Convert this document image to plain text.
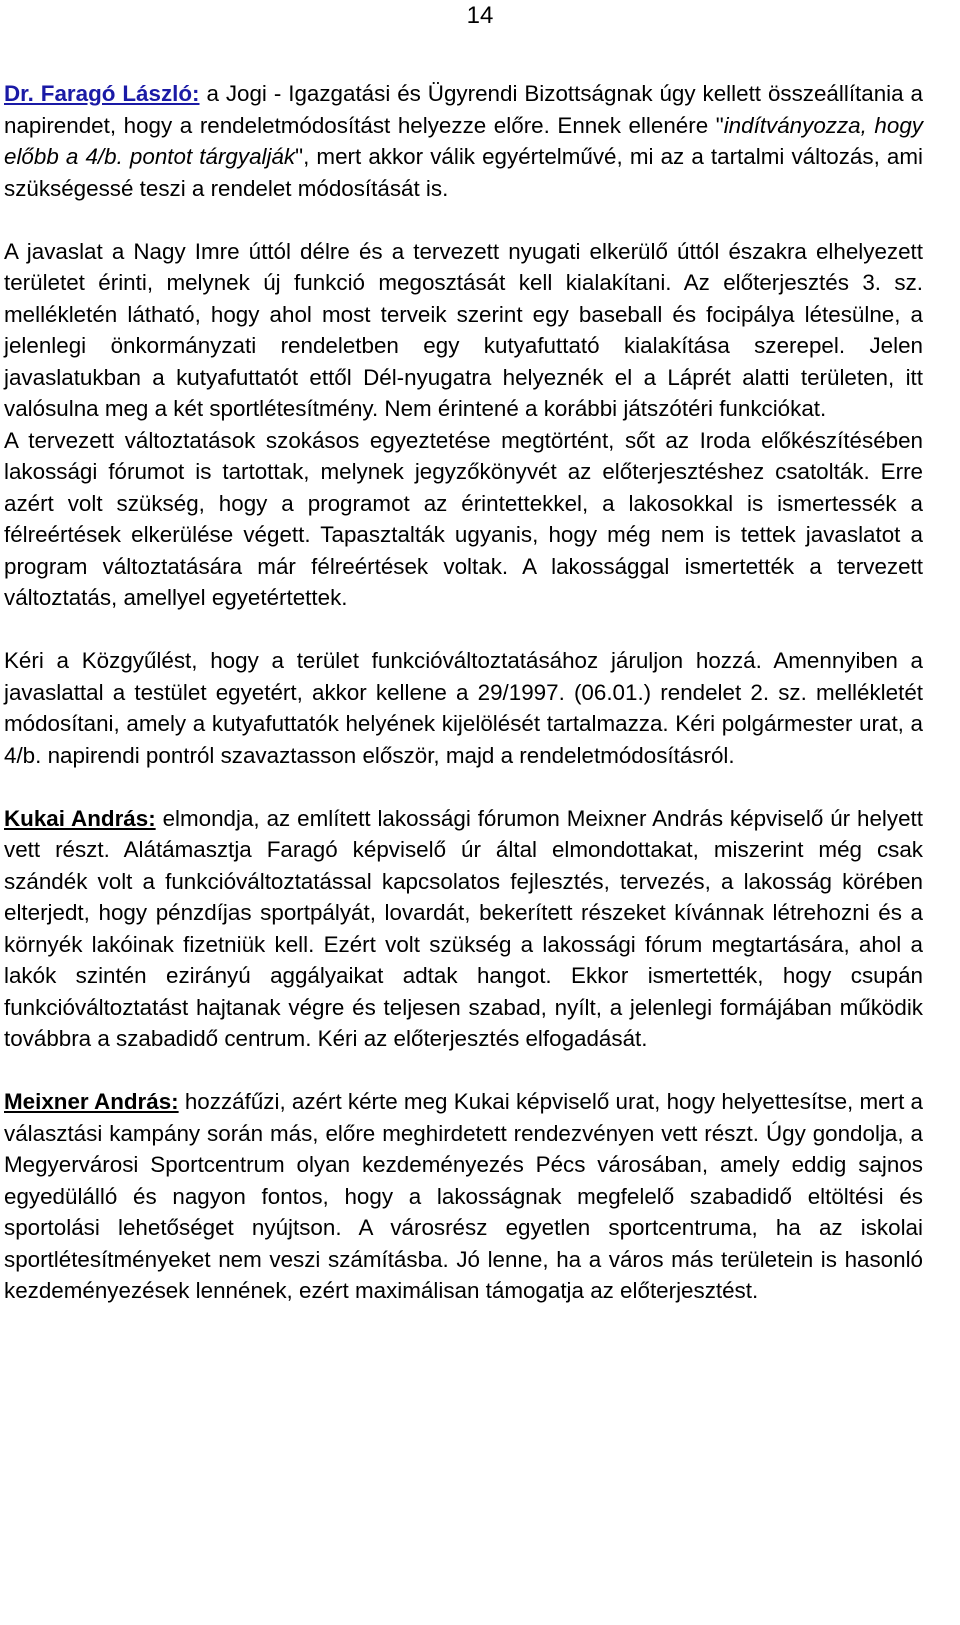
14

Dr. Faragó László: a Jogi - Igazgatási és Ügyrendi Bizottságnak úgy kellett összeállítania a napirendet, hogy a rendeletmódosítást helyezze előre. Ennek ellenére "indítványozza, hogy előbb a 4/b. pontot tárgyalják", mert akkor válik egyértelművé, mi az a tartalmi változás, ami szükségessé teszi a rendelet módosítását is.

A javaslat a Nagy Imre úttól délre és a tervezett nyugati elkerülő úttól északra elhelyezett területet érinti, melynek új funkció megosztását kell kialakítani. Az előterjesztés 3. sz. mellékletén látható, hogy ahol most terveik szerint egy baseball és focipálya létesülne, a jelenlegi önkormányzati rendeletben egy kutyafuttató kialakítása szerepel. Jelen javaslatukban a kutyafuttatót ettől Dél-nyugatra helyeznék el a Láprét alatti területen, itt valósulna meg a két sportlétesítmény. Nem érintené a korábbi játszótéri funkciókat.

A tervezett változtatások szokásos egyeztetése megtörtént, sőt az Iroda előkészítésében lakossági fórumot is tartottak, melynek jegyzőkönyvét az előterjesztéshez csatolták. Erre azért volt szükség, hogy a programot az érintettekkel, a lakosokkal is ismertessék a félreértések elkerülése végett. Tapasztalták ugyanis, hogy még nem is tettek javaslatot a program változtatására már félreértések voltak. A lakossággal ismertették a tervezett változtatás, amellyel egyetértettek.

Kéri a Közgyűlést, hogy a terület funkcióváltoztatásához járuljon hozzá. Amennyiben a javaslattal a testület egyetért, akkor kellene a 29/1997. (06.01.) rendelet 2. sz. mellékletét módosítani, amely a kutyafuttatók helyének kijelölését tartalmazza. Kéri polgármester urat, a 4/b. napirendi pontról szavaztasson először, majd a rendeletmódosításról.

Kukai András: elmondja, az említett lakossági fórumon Meixner András képviselő úr helyett vett részt. Alátámasztja Faragó képviselő úr által elmondottakat, miszerint még csak szándék volt a funkcióváltoztatással kapcsolatos fejlesztés, tervezés, a lakosság körében elterjedt, hogy pénzdíjas sportpályát, lovardát, bekerített részeket kívánnak létrehozni és a környék lakóinak fizetniük kell. Ezért volt szükség a lakossági fórum megtartására, ahol a lakók szintén ezirányú aggályaikat adtak hangot. Ekkor ismertették, hogy csupán funkcióváltoztatást hajtanak végre és teljesen szabad, nyílt, a jelenlegi formájában működik továbbra a szabadidő centrum. Kéri az előterjesztés elfogadását.

Meixner András: hozzáfűzi, azért kérte meg Kukai képviselő urat, hogy helyettesítse, mert a választási kampány során más, előre meghirdetett rendezvényen vett részt. Úgy gondolja, a Megyervárosi Sportcentrum olyan kezdeményezés Pécs városában, amely eddig sajnos egyedülálló és nagyon fontos, hogy a lakosságnak megfelelő szabadidő eltöltési és sportolási lehetőséget nyújtson. A városrész egyetlen sportcentruma, ha az iskolai sportlétesítményeket nem veszi számításba. Jó lenne, ha a város más területein is hasonló kezdeményezések lennének, ezért maximálisan támogatja az előterjesztést.
